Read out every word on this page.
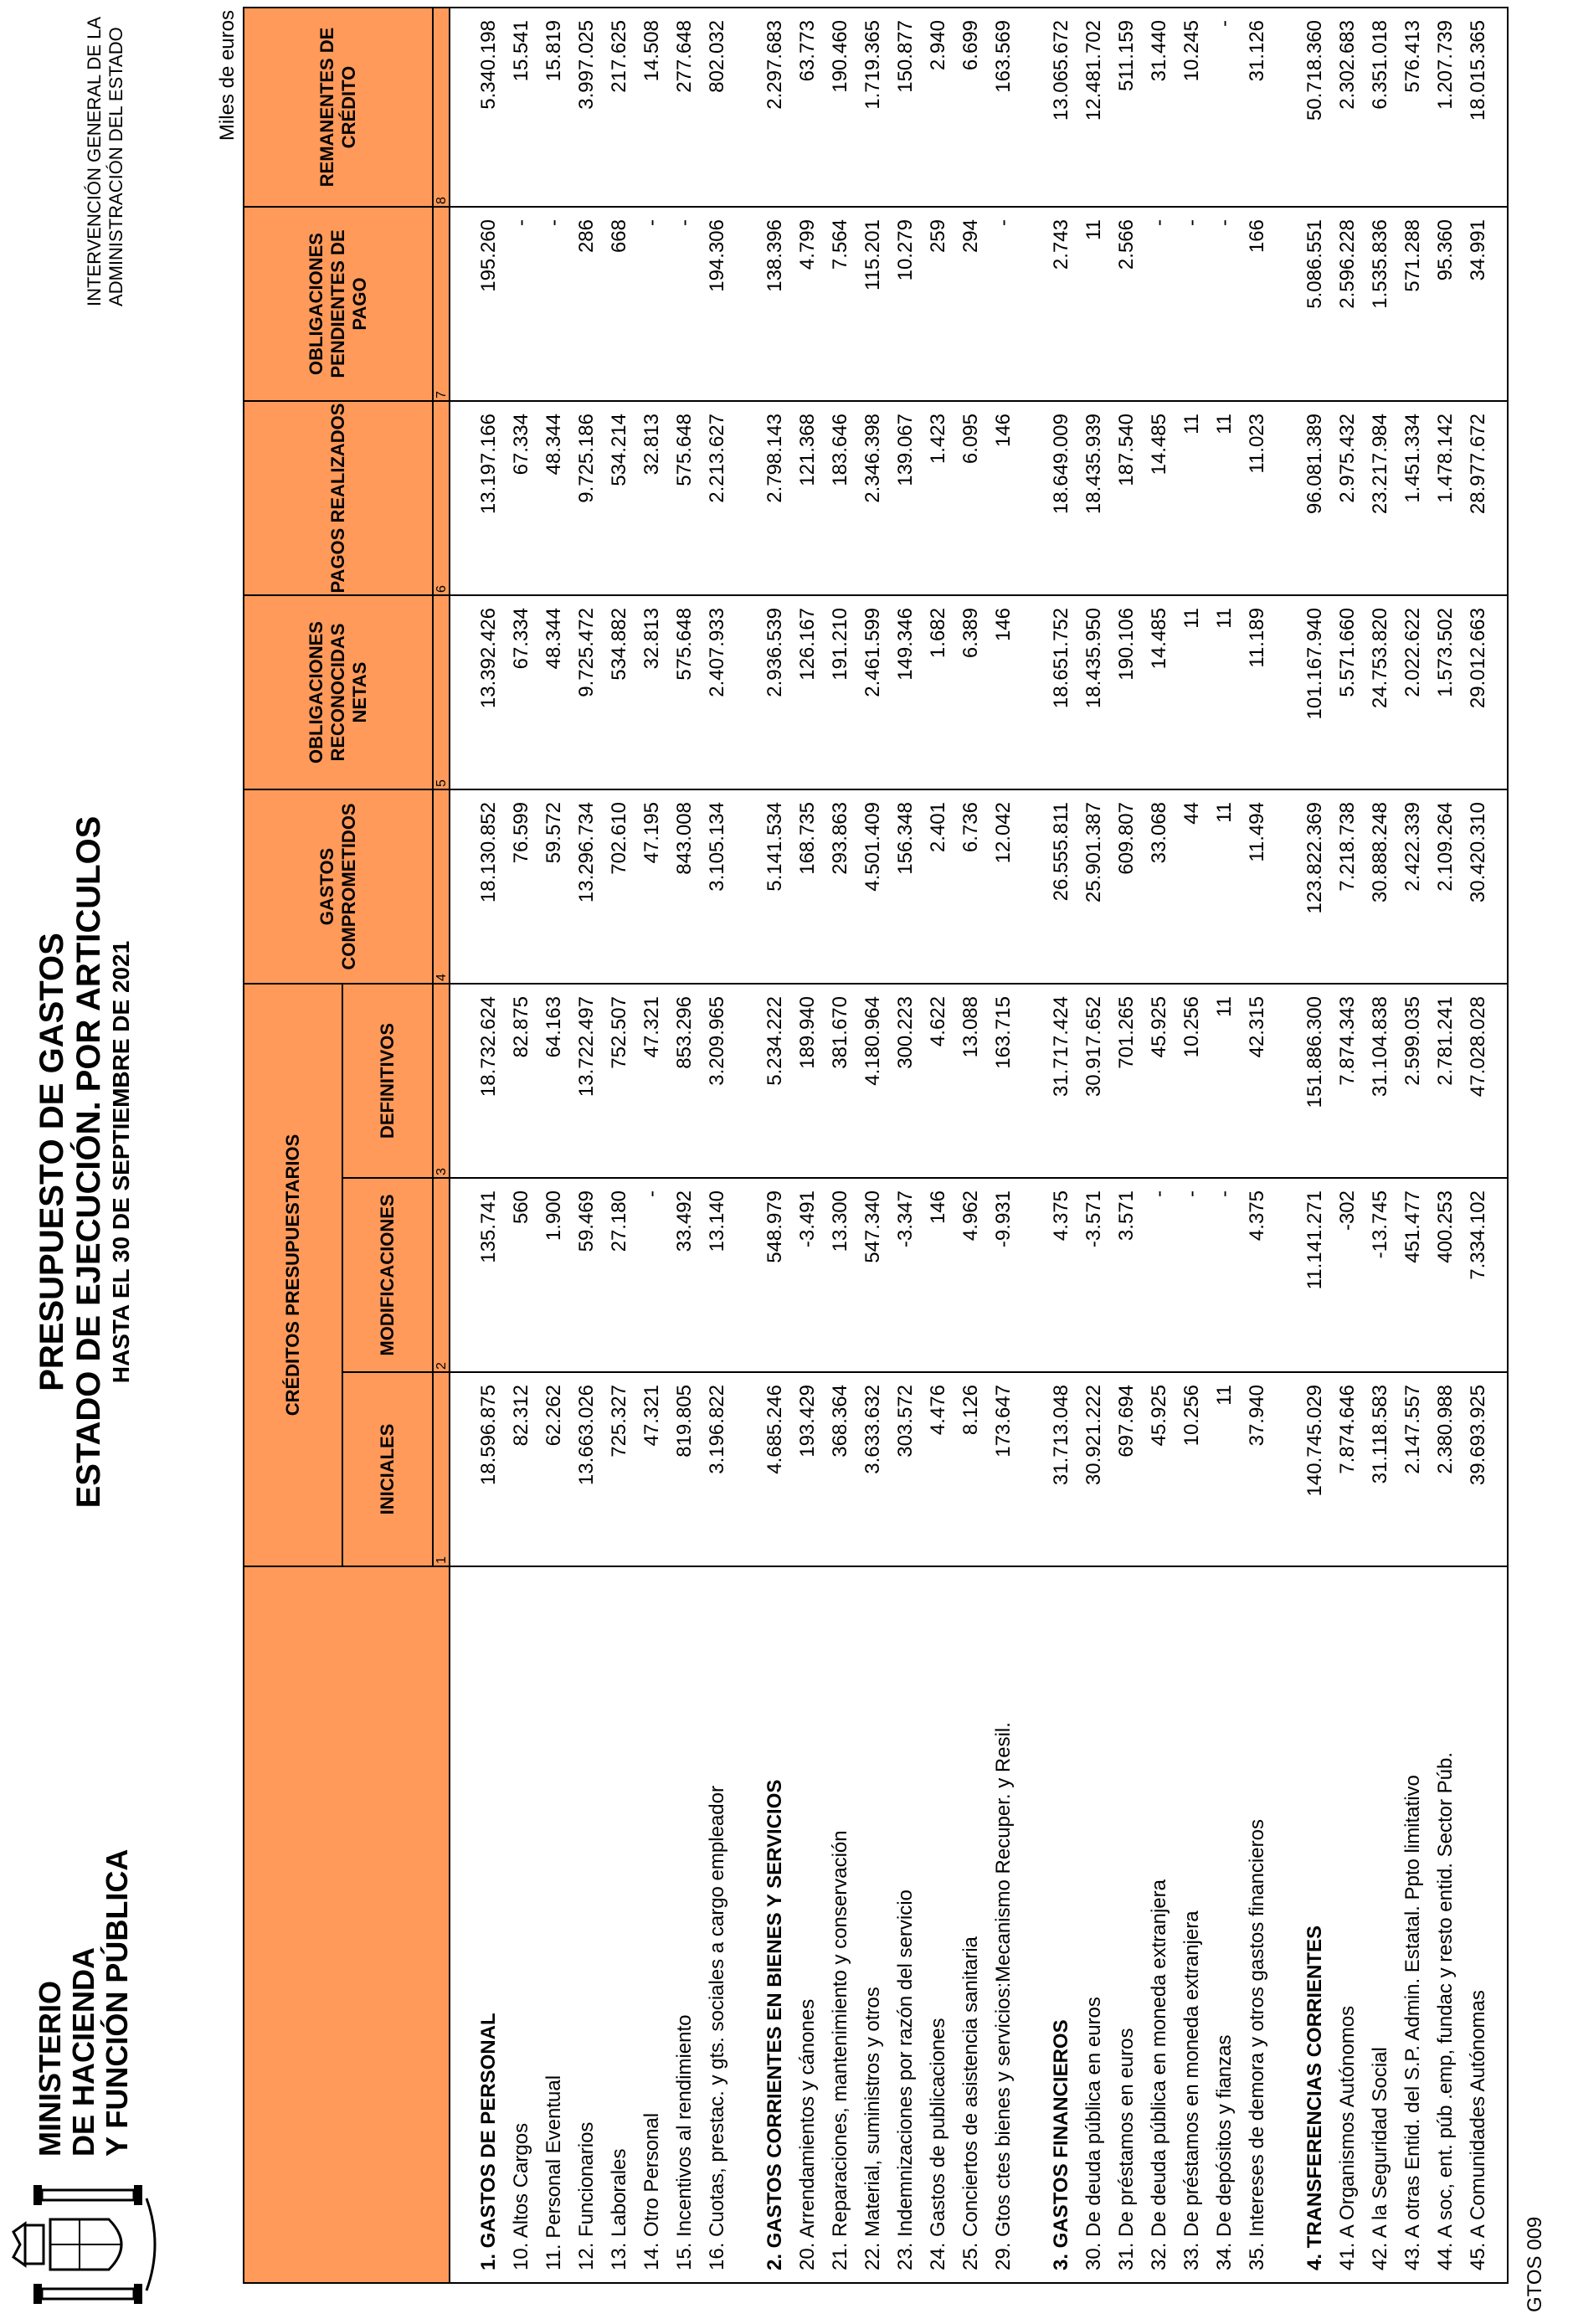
MINISTERIO DE HACIENDA Y FUNCIÓN PÚBLICA
PRESUPUESTO DE GASTOS ESTADO DE EJECUCIÓN. POR ARTICULOS HASTA EL 30 DE SEPTIEMBRE DE 2021
INTERVENCIÓN GENERAL DE LA ADMINISTRACIÓN DEL ESTADO	Miles de euros
	CRÉDITOS PRESUPUESTARIOS			GASTOS COMPROMETIDOS	OBLIGACIONES RECONOCIDAS NETAS	PAGOS REALIZADOS	OBLIGACIONES PENDIENTES DE PAGO	REMANENTES DE CRÉDITO
	INICIALES	MODIFICACIONES	DEFINITIVOS					
	1	2	3	4	5	6	7	8

1. GASTOS DE PERSONAL	18.596.875	135.741	18.732.624	18.130.852	13.392.426	13.197.166	195.260	5.340.198
10. Altos Cargos	82.312	560	82.875	76.599	67.334	67.334	-	15.541
11. Personal Eventual	62.262	1.900	64.163	59.572	48.344	48.344	-	15.819
12. Funcionarios	13.663.026	59.469	13.722.497	13.296.734	9.725.472	9.725.186	286	3.997.025
13. Laborales	725.327	27.180	752.507	702.610	534.882	534.214	668	217.625
14. Otro Personal	47.321	-	47.321	47.195	32.813	32.813	-	14.508
15. Incentivos al rendimiento	819.805	33.492	853.296	843.008	575.648	575.648	-	277.648
16. Cuotas, prestac. y gts. sociales a cargo empleador	3.196.822	13.140	3.209.965	3.105.134	2.407.933	2.213.627	194.306	802.032

2. GASTOS CORRIENTES EN BIENES Y SERVICIOS	4.685.246	548.979	5.234.222	5.141.534	2.936.539	2.798.143	138.396	2.297.683
20. Arrendamientos y cánones	193.429	-3.491	189.940	168.735	126.167	121.368	4.799	63.773
21. Reparaciones, mantenimiento y conservación	368.364	13.300	381.670	293.863	191.210	183.646	7.564	190.460
22. Material, suministros y otros	3.633.632	547.340	4.180.964	4.501.409	2.461.599	2.346.398	115.201	1.719.365
23. Indemnizaciones por razón del servicio	303.572	-3.347	300.223	156.348	149.346	139.067	10.279	150.877
24. Gastos de publicaciones	4.476	146	4.622	2.401	1.682	1.423	259	2.940
25. Conciertos de asistencia sanitaria	8.126	4.962	13.088	6.736	6.389	6.095	294	6.699
29. Gtos ctes bienes y servicios:Mecanismo Recuper. y Resil.	173.647	-9.931	163.715	12.042	146	146	-	163.569

3. GASTOS FINANCIEROS	31.713.048	4.375	31.717.424	26.555.811	18.651.752	18.649.009	2.743	13.065.672
30. De deuda pública en euros	30.921.222	-3.571	30.917.652	25.901.387	18.435.950	18.435.939	11	12.481.702
31. De préstamos en euros	697.694	3.571	701.265	609.807	190.106	187.540	2.566	511.159
32. De deuda pública en moneda extranjera	45.925	-	45.925	33.068	14.485	14.485	-	31.440
33. De préstamos en moneda extranjera	10.256	-	10.256	44	11	11	-	10.245
34. De depósitos y fianzas	11	-	11	11	11	11	-	-
35. Intereses de demora y otros gastos financieros	37.940	4.375	42.315	11.494	11.189	11.023	166	31.126

4. TRANSFERENCIAS CORRIENTES	140.745.029	11.141.271	151.886.300	123.822.369	101.167.940	96.081.389	5.086.551	50.718.360
41. A Organismos Autónomos	7.874.646	-302	7.874.343	7.218.738	5.571.660	2.975.432	2.596.228	2.302.683
42. A la Seguridad Social	31.118.583	-13.745	31.104.838	30.888.248	24.753.820	23.217.984	1.535.836	6.351.018
43. A otras Entid. del S.P. Admin. Estatal. Ppto limitativo	2.147.557	451.477	2.599.035	2.422.339	2.022.622	1.451.334	571.288	576.413
44. A soc, ent. púb .emp, fundac y resto entid. Sector Púb.	2.380.988	400.253	2.781.241	2.109.264	1.573.502	1.478.142	95.360	1.207.739
45. A Comunidades Autónomas	39.693.925	7.334.102	47.028.028	30.420.310	29.012.663	28.977.672	34.991	18.015.365

GTOS 009
